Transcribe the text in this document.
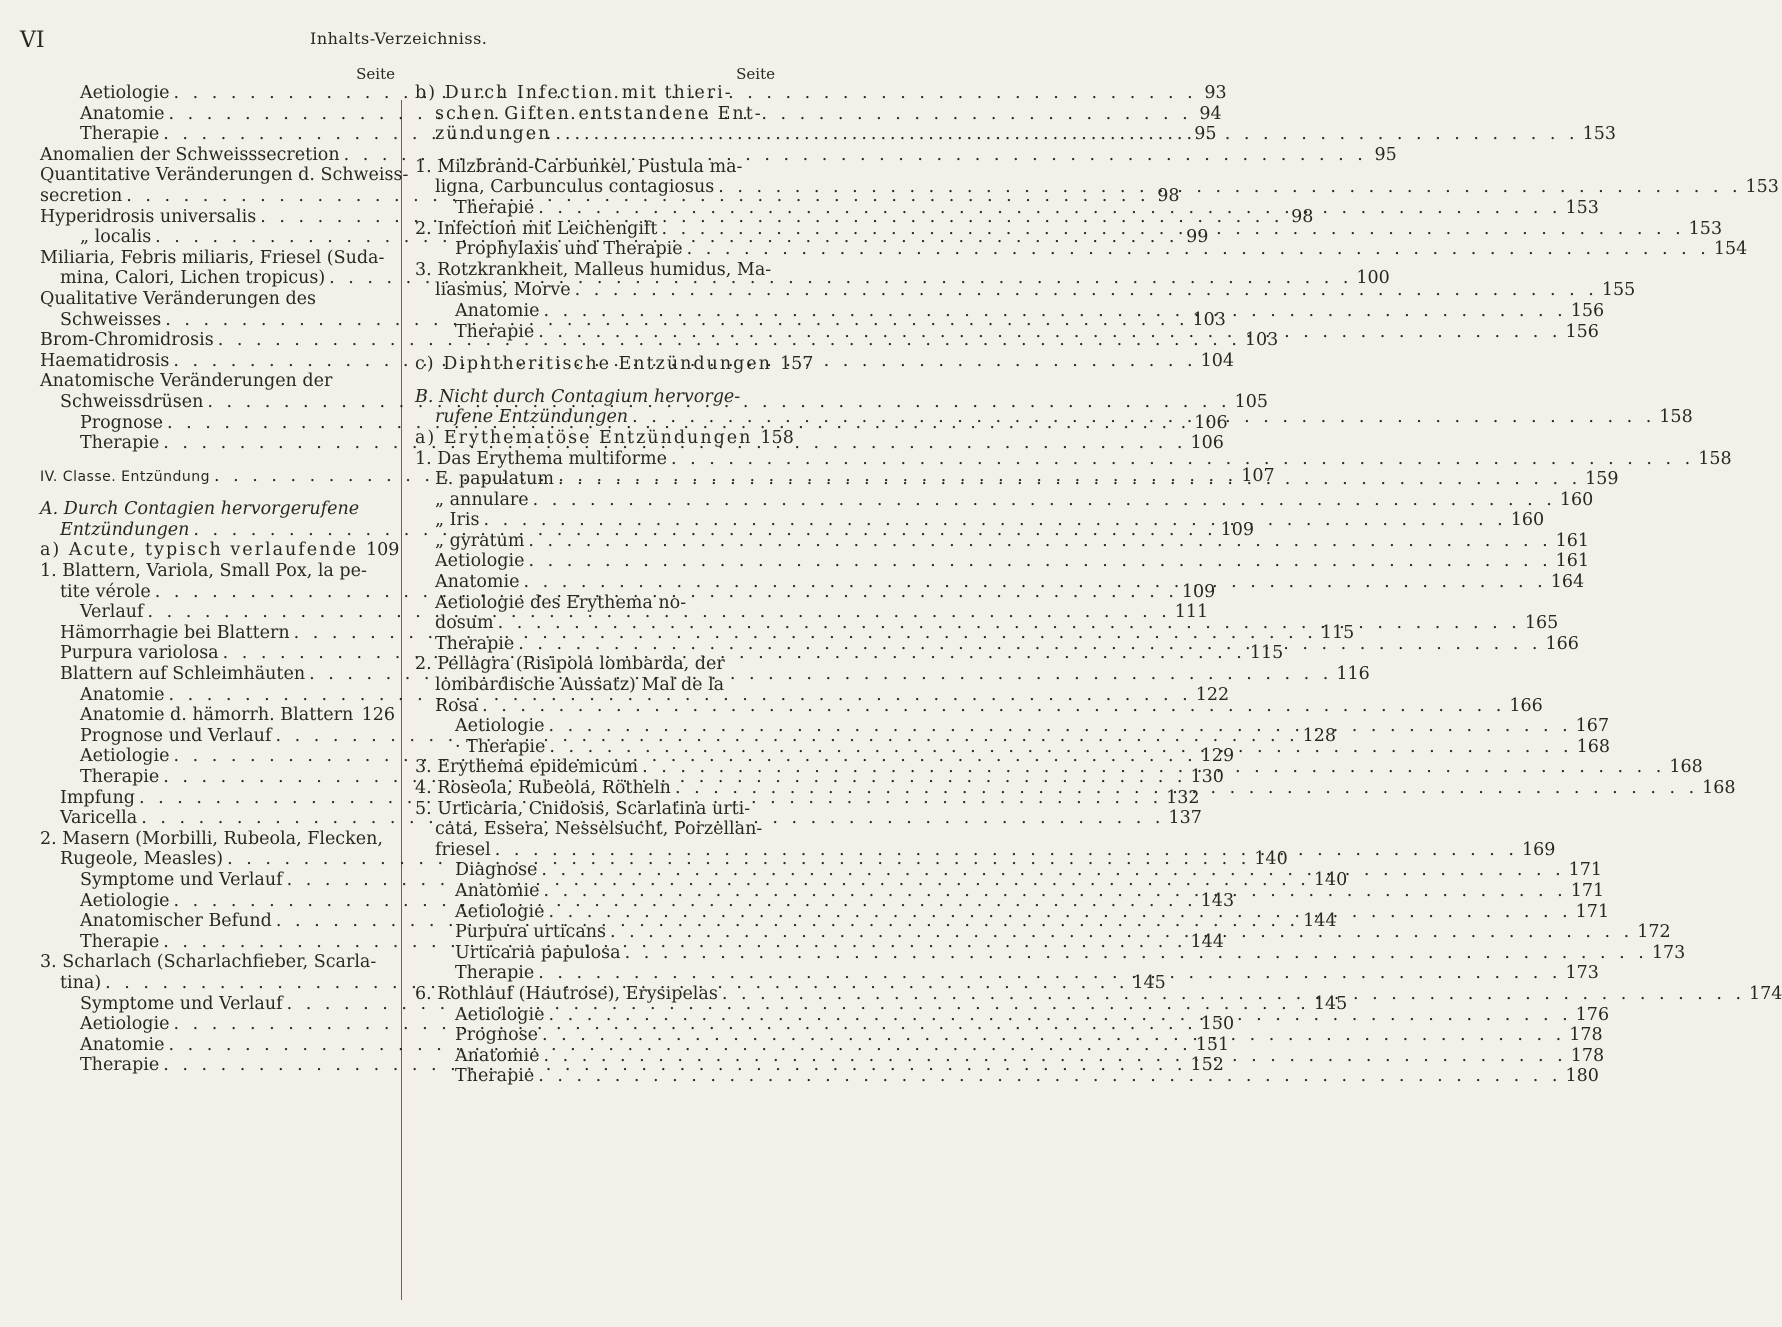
VI	Inhalts-Verzeichniss.
Seite
Aetiologie . . .	93
Anatomie . . .	94
Therapie . . .	95
Anomalien der Schweisssecretion . . .	95
Quantitative Veränderungen d. Schweiss-
secretion . . .	98
Hyperidrosis universalis . . .	98
„ localis . . .	99
Miliaria, Febris miliaris, Friesel (Suda-
mina, Calori, Lichen tropicus) . . .	100
Qualitative Veränderungen des
Schweisses . . .	103
Brom-Chromidrosis . . .	103
Haematidrosis . . .	104
Anatomische Veränderungen der
Schweissdrüsen . . .	105
Prognose . . .	106
Therapie . . .	106
IV. Classe. Entzündung . . .	107
A. Durch Contagien hervorgerufene
Entzündungen . . .	109
a) Acute, typisch verlaufende 109
1. Blattern, Variola, Small Pox, la pe-
tite vérole . . .	109
Verlauf . . .	111
Hämorrhagie bei Blattern . . .	115
Purpura variolosa . . .	115
Blattern auf Schleimhäuten . . .	116
Anatomie . . .	122
Anatomie d. hämorrh. Blattern . . . 126
Prognose und Verlauf . . .	128
Aetiologie . . .	129
Therapie . . .	130
Impfung . . .	132
Varicella . . .	137
2. Masern (Morbilli, Rubeola, Flecken,
Rugeole, Measles) . . .	140
Symptome und Verlauf . . .	140
Aetiologie . . .	143
Anatomischer Befund . . .	144
Therapie . . .	144
3. Scharlach (Scharlachfieber, Scarla-
tina) . . .	145
Symptome und Verlauf . . .	145
Aetiologie . . .	150
Anatomie . . .	151
Therapie . . .	152
Seite
b) Durch Infection mit thieri-
schen Giften entstandene Ent-
zündungen . . .	153
1. Milzbrand-Carbunkel, Pustula ma-
ligna, Carbunculus contagiosus . . .	153
Therapie . . .	153
2. Infection mit Leichengift . . .	153
Prophylaxis und Therapie . . .	154
3. Rotzkrankheit, Malleus humidus, Ma-
liasmus, Morve . . .	155
Anatomie . . .	156
Therapie . . .	156
c) Diphtheritische Entzündungen 157
B. Nicht durch Contagium hervorge-
rufene Entzündungen . . .	158
a) Erythematöse Entzündungen 158
1. Das Erythema multiforme . . .	158
E. papulatum . . .	159
„ annulare . . .	160
„ Iris . . .	160
„ gyratum . . .	161
Aetiologie . . .	161
Anatomie . . .	164
Aetiologie des Erythema no-
dosum . . .	165
Therapie . . .	166
2. Pellagra (Risipola lombarda, der
lombardische Aussatz) Mal de la
Rosa . . .	166
Aetiologie . . .	167
· Therapie . . .	168
3. Erythema epidemicum . . .	168
4. Roseola, Rubeola, Rötheln . . .	168
5. Urticaria, Cnidosis, Scarlatina urti-
cata, Essera, Nesselsucht, Porzellan-
friesel . . .	169
Diagnose . . .	171
Anatomie . . .	171
Aetiologie . . .	171
Purpura urticans . . .	172
Urticaria papulosa . . .	173
Therapie . . .	173
6. Rothlauf (Hautrose), Erysipelas . . .	174
Aetiologie . . .	176
Prognose . . .	178
Anatomie . . .	178
Therapie . . .	180
